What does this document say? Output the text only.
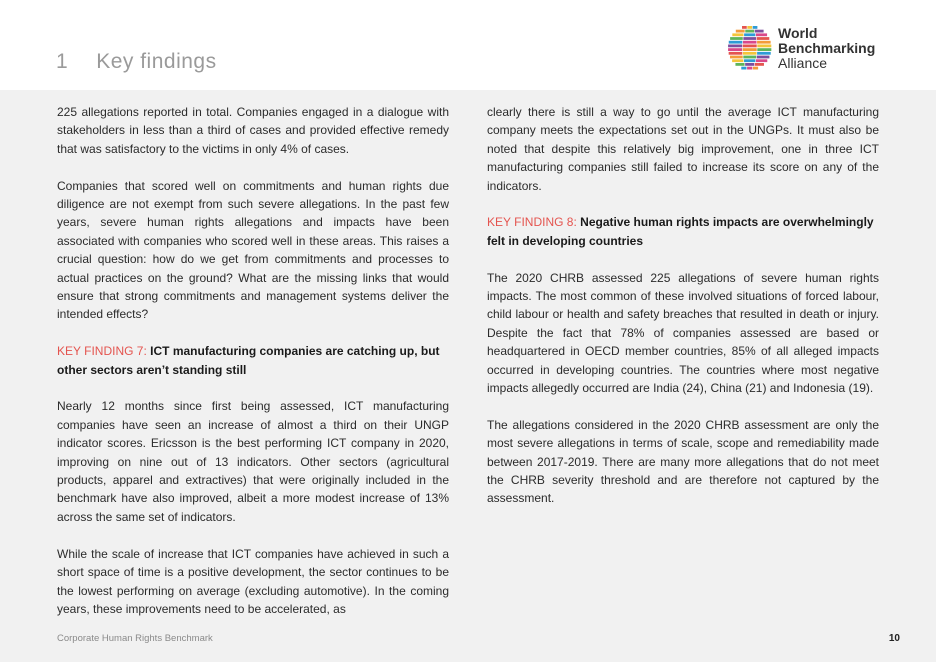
1 Key findings
World
Benchmarking
Alliance

225 allegations reported in total. Companies engaged in a dialogue with stakeholders in less than a third of cases and provided effective remedy that was satisfactory to the victims in only 4% of cases.

Companies that scored well on commitments and human rights due diligence are not exempt from such severe allegations. In the past few years, severe human rights allegations and impacts have been associated with companies who scored well in these areas. This raises a crucial question: how do we get from commitments and processes to actual practices on the ground? What are the missing links that would ensure that strong commitments and management systems deliver the intended effects?

KEY FINDING 7: ICT manufacturing companies are catching up, but other sectors aren’t standing still

Nearly 12 months since first being assessed, ICT manufacturing companies have seen an increase of almost a third on their UNGP indicator scores. Ericsson is the best performing ICT company in 2020, improving on nine out of 13 indicators. Other sectors (agricultural products, apparel and extractives) that were originally included in the benchmark have also improved, albeit a more modest increase of 13% across the same set of indicators.

While the scale of increase that ICT companies have achieved in such a short space of time is a positive development, the sector continues to be the lowest performing on average (excluding automotive). In the coming years, these improvements need to be accelerated, as

clearly there is still a way to go until the average ICT manufacturing company meets the expectations set out in the UNGPs. It must also be noted that despite this relatively big improvement, one in three ICT manufacturing companies still failed to increase its score on any of the indicators.

KEY FINDING 8: Negative human rights impacts are overwhelmingly felt in developing countries

The 2020 CHRB assessed 225 allegations of severe human rights impacts. The most common of these involved situations of forced labour, child labour or health and safety breaches that resulted in death or injury. Despite the fact that 78% of companies assessed are based or headquartered in OECD member countries, 85% of all alleged impacts occurred in developing countries. The countries where most negative impacts allegedly occurred are India (24), China (21) and Indonesia (19).

The allegations considered in the 2020 CHRB assessment are only the most severe allegations in terms of scale, scope and remediability made between 2017-2019. There are many more allegations that do not meet the CHRB severity threshold and are therefore not captured by the assessment.

Corporate Human Rights Benchmark	10
